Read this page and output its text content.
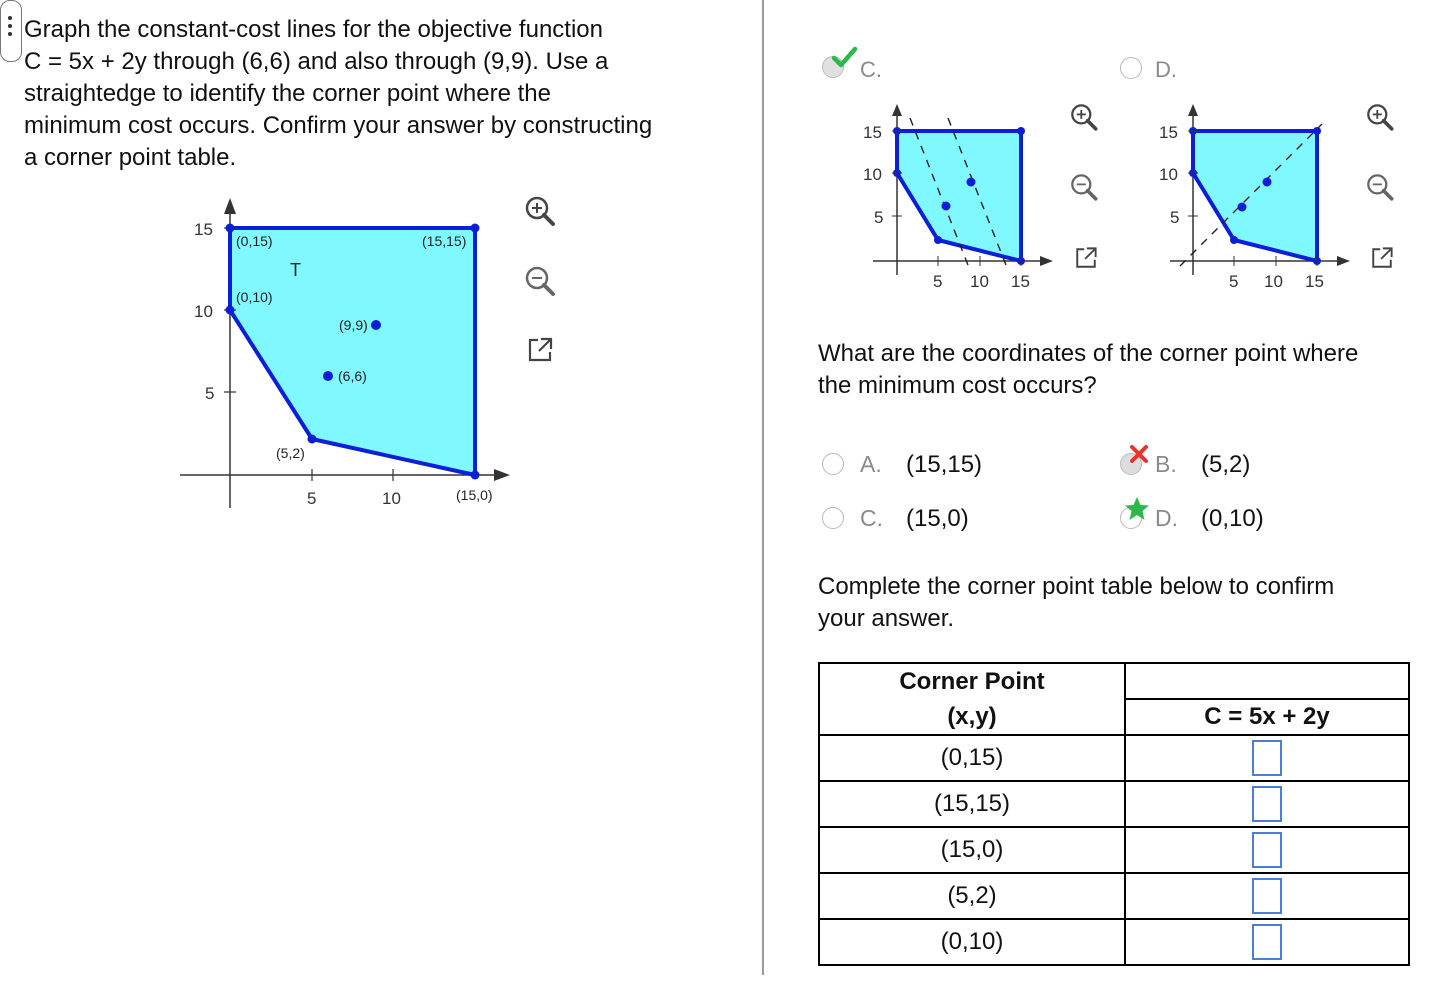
Graph the constant-cost lines for the objective function
C = 5x + 2y through (6,6) and also through (9,9). Use a
straightedge to identify the corner point where the
minimum cost occurs. Confirm your answer by constructing
a corner point table.

15
10
5
5	10
(0,15)	(15,15)
(0,10)
(5,2)
(15,0)
T
(9,9)
(6,6)
C.
15
10
5
5 10 15
D.
15
10
5
5 10 15
What are the coordinates of the corner point where
the minimum cost occurs?
A. (15,15)	B. (5,2)
C. (15,0)	D. (0,10)
Complete the corner point table below to confirm
your answer.
Corner Point	
(x,y)	C = 5x + 2y
(0,15)	
(15,15)	
(15,0)	
(5,2)	
(0,10)	
